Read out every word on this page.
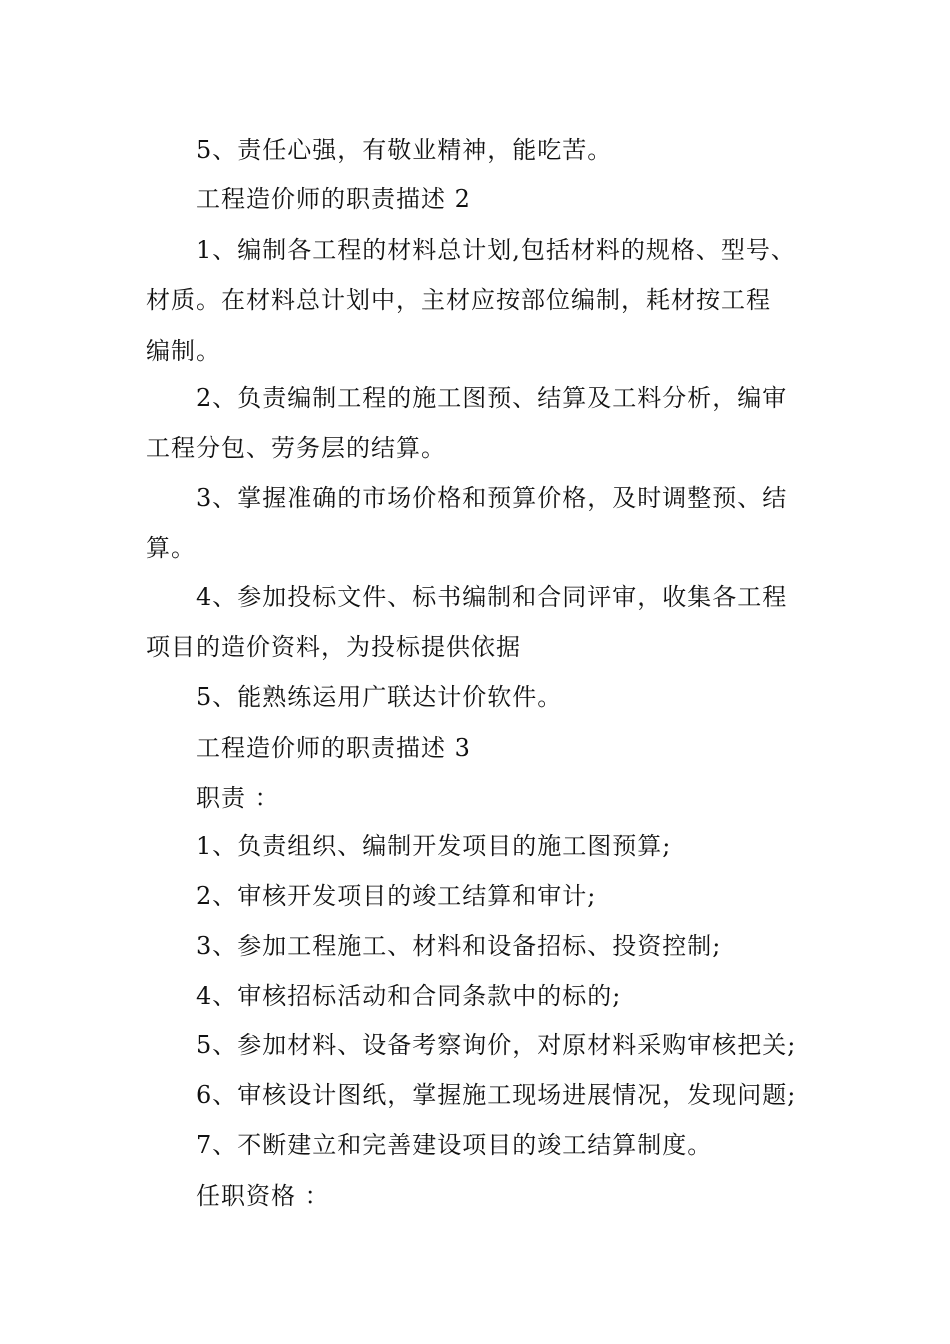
5、责任心强，有敬业精神，能吃苦。
工程造价师的职责描述 2
1、编制各工程的材料总计划,包括材料的规格、型号、
材质。在材料总计划中，主材应按部位编制，耗材按工程
编制。
2、负责编制工程的施工图预、结算及工料分析，编审
工程分包、劳务层的结算。
3、掌握准确的市场价格和预算价格，及时调整预、结
算。
4、参加投标文件、标书编制和合同评审，收集各工程
项目的造价资料，为投标提供依据
5、能熟练运用广联达计价软件。
工程造价师的职责描述 3
职责 ：
1、负责组织、编制开发项目的施工图预算;
2、审核开发项目的竣工结算和审计;
3、参加工程施工、材料和设备招标、投资控制;
4、审核招标活动和合同条款中的标的;
5、参加材料、设备考察询价，对原材料采购审核把关;
6、审核设计图纸，掌握施工现场进展情况，发现问题;
7、不断建立和完善建设项目的竣工结算制度。
任职资格 ：
